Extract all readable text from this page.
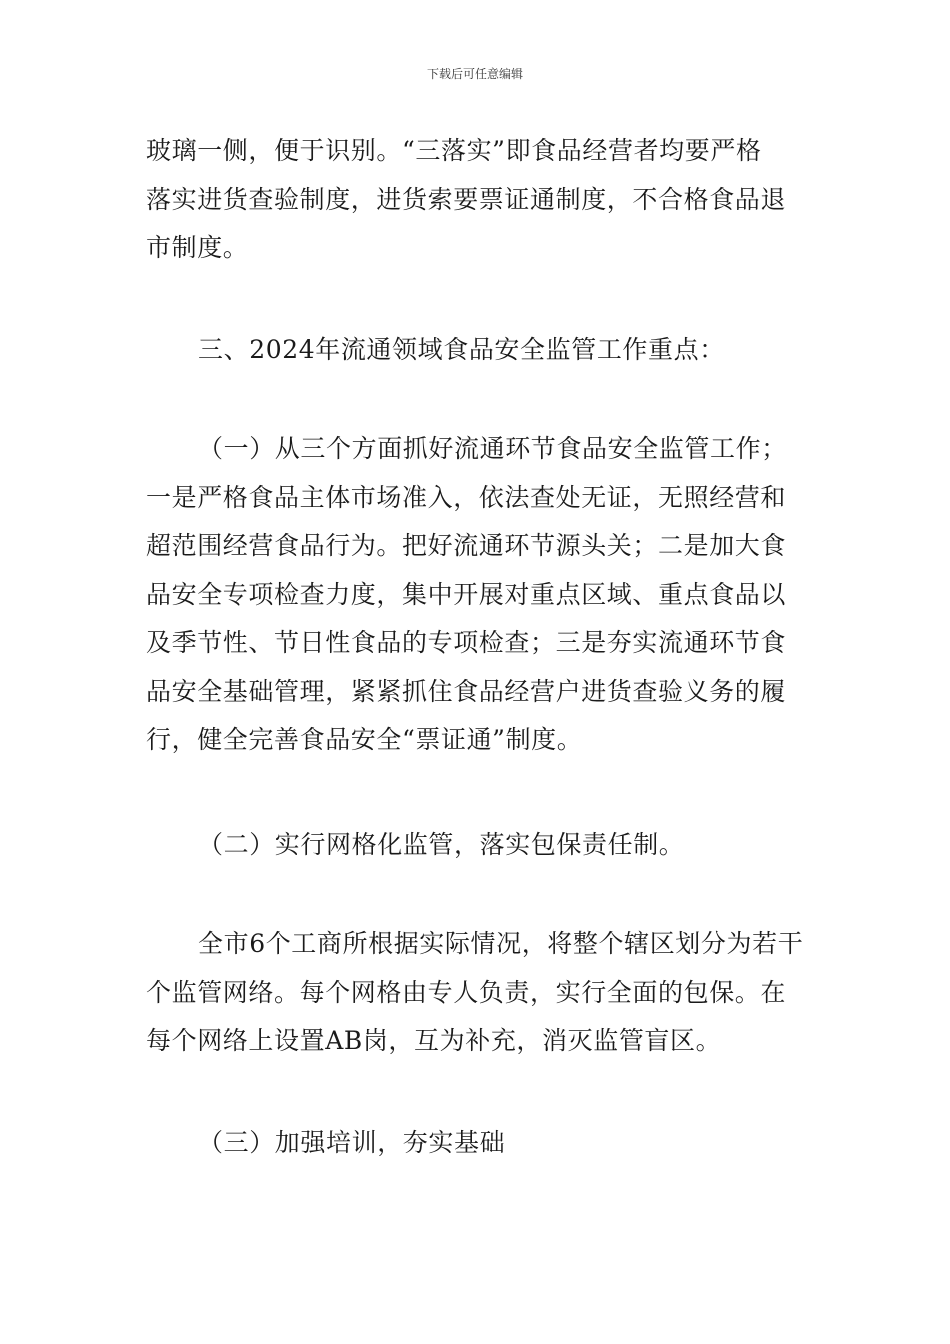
下载后可任意编辑
玻璃一侧，便于识别。“三落实”即食品经营者均要严格
落实进货查验制度，进货索要票证通制度，不合格食品退
市制度。
三、2024年流通领域食品安全监管工作重点：
（一）从三个方面抓好流通环节食品安全监管工作；
一是严格食品主体市场准入，依法查处无证，无照经营和
超范围经营食品行为。把好流通环节源头关；二是加大食
品安全专项检查力度，集中开展对重点区域、重点食品以
及季节性、节日性食品的专项检查；三是夯实流通环节食
品安全基础管理，紧紧抓住食品经营户进货查验义务的履
行，健全完善食品安全“票证通”制度。
（二）实行网格化监管，落实包保责任制。
全市6个工商所根据实际情况，将整个辖区划分为若干
个监管网络。每个网格由专人负责，实行全面的包保。在
每个网络上设置AB岗，互为补充，消灭监管盲区。
（三）加强培训，夯实基础
